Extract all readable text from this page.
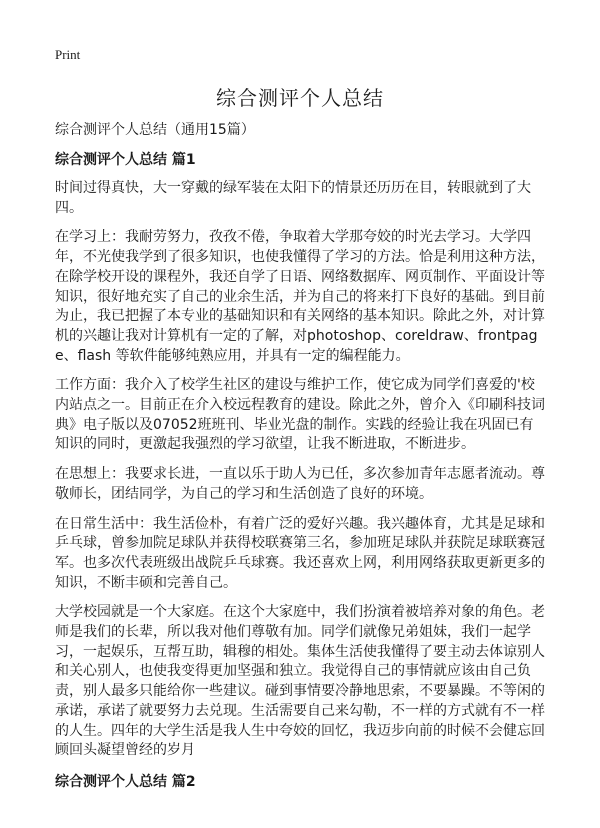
Print
综合测评个人总结
综合测评个人总结（通用15篇）
综合测评个人总结 篇1
时间过得真快，大一穿戴的绿军装在太阳下的情景还历历在目，转眼就到了大四。
在学习上：我耐劳努力，孜孜不倦，争取着大学那夸姣的时光去学习。大学四年，不光使我学到了很多知识，也使我懂得了学习的方法。恰是利用这种方法，在除学校开设的课程外，我还自学了日语、网络数据库、网页制作、平面设计等知识，很好地充实了自己的业余生活，并为自己的将来打下良好的基础。到目前为止，我已把握了本专业的基础知识和有关网络的基本知识。除此之外，对计算机的兴趣让我对计算机有一定的了解，对photoshop、coreldraw、frontpage、flash 等软件能够纯熟应用，并具有一定的编程能力。
工作方面：我介入了校学生社区的建设与维护工作，使它成为同学们喜爱的'校内站点之一。目前正在介入校远程教育的建设。除此之外，曾介入《印刷科技词典》电子版以及07052班班刊、毕业光盘的制作。实践的经验让我在巩固已有知识的同时，更激起我强烈的学习欲望，让我不断进取，不断进步。
在思想上：我要求长进，一直以乐于助人为已任，多次参加青年志愿者流动。尊敬师长，团结同学，为自己的学习和生活创造了良好的环境。
在日常生活中：我生活俭朴，有着广泛的爱好兴趣。我兴趣体育，尤其是足球和乒乓球，曾参加院足球队并获得校联赛第三名，参加班足球队并获院足球联赛冠军。也多次代表班级出战院乒乓球赛。我还喜欢上网，利用网络获取更新更多的知识，不断丰硕和完善自己。
大学校园就是一个大家庭。在这个大家庭中，我们扮演着被培养对象的角色。老师是我们的长辈，所以我对他们尊敬有加。同学们就像兄弟姐妹，我们一起学习，一起娱乐，互帮互助，辑穆的相处。集体生活使我懂得了要主动去体谅别人和关心别人，也使我变得更加坚强和独立。我觉得自己的事情就应该由自己负责，别人最多只能给你一些建议。碰到事情要冷静地思索，不要暴躁。不等闲的承诺，承诺了就要努力去兑现。生活需要自己来勾勒，不一样的方式就有不一样的人生。四年的大学生活是我人生中夸姣的回忆，我迈步向前的时候不会健忘回顾回头凝望曾经的岁月
综合测评个人总结 篇2
